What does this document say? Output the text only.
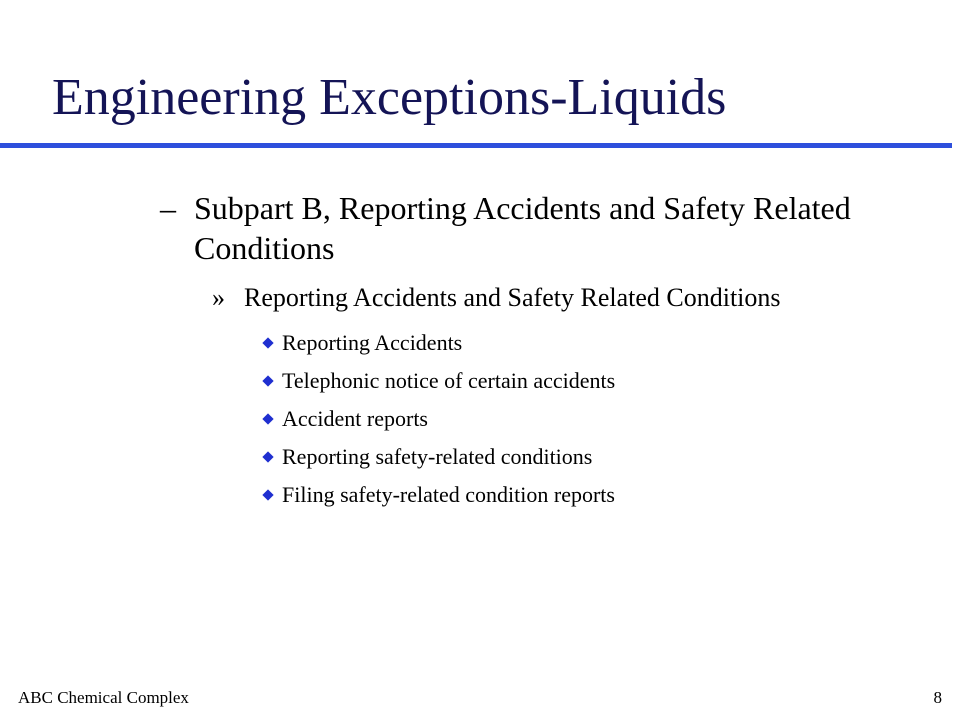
Engineering Exceptions-Liquids
– Subpart B, Reporting Accidents and Safety Related Conditions
» Reporting Accidents and Safety Related Conditions
Reporting Accidents
Telephonic notice of certain accidents
Accident reports
Reporting safety-related conditions
Filing safety-related condition reports
ABC Chemical Complex	8
